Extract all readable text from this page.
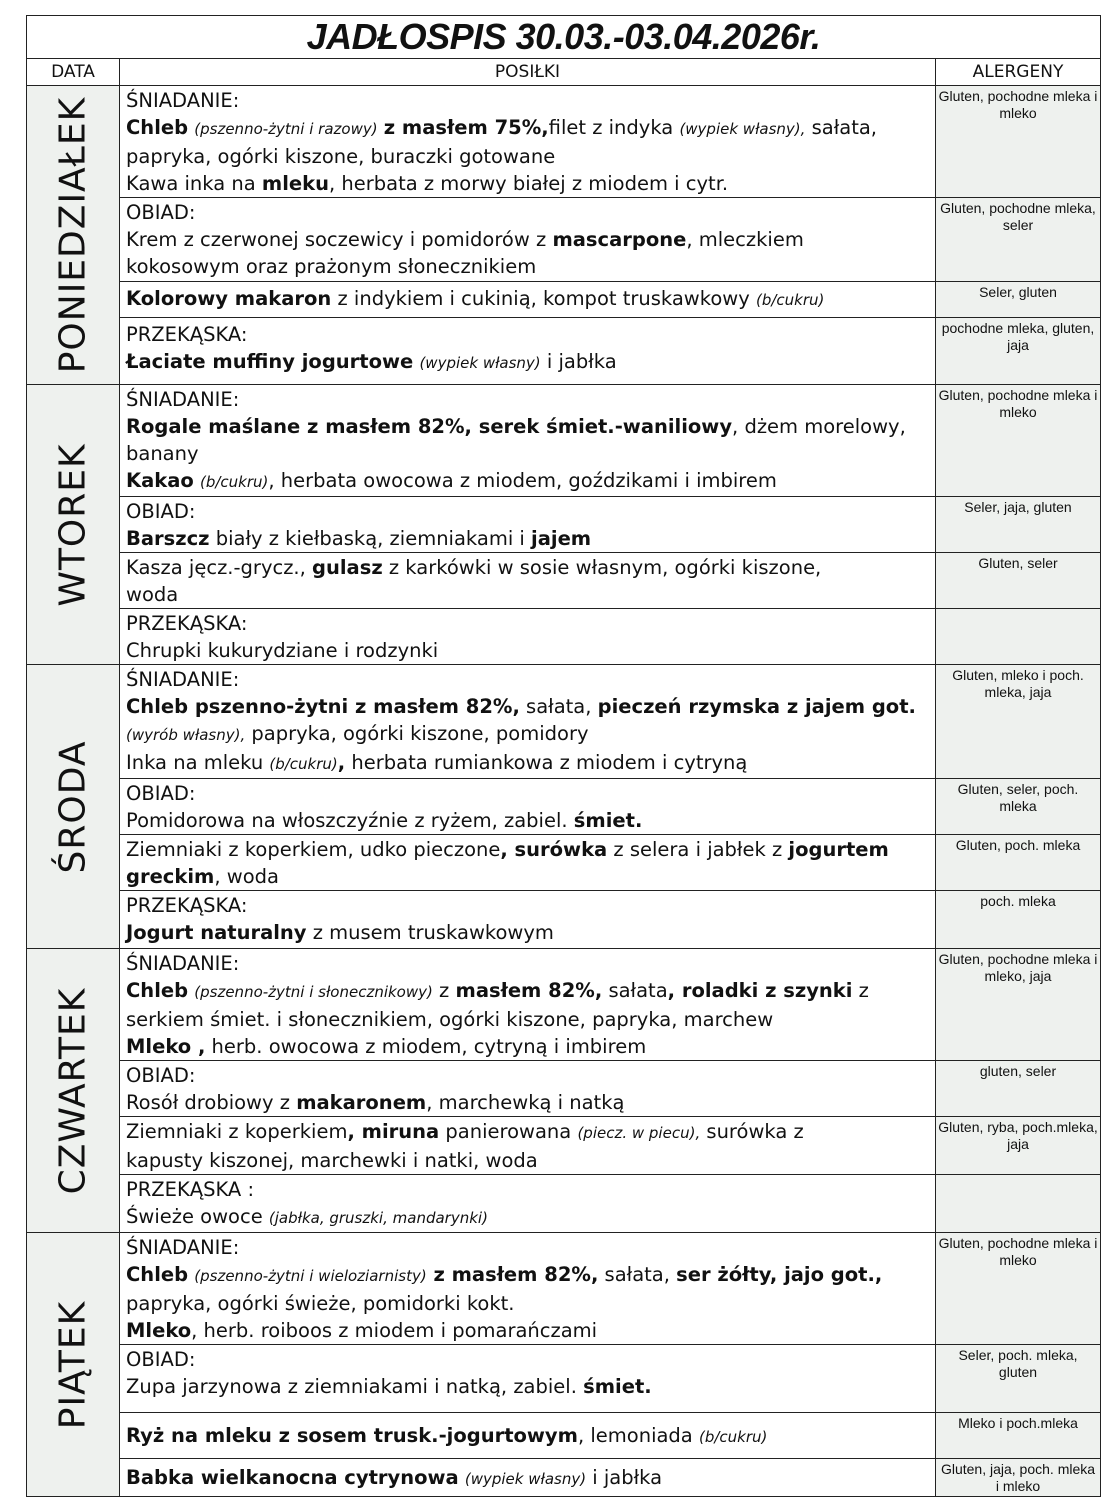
JADŁOSPIS 30.03.-03.04.2026r.		
DATA	POSIŁKI	ALERGENY

PONIEDZIAŁEK	ŚNIADANIE:
Chleb (pszenno-żytni i razowy) z masłem 75%,filet z indyka (wypiek własny), sałata,
papryka, ogórki kiszone, buraczki gotowane
Kawa inka na mleku, herbata z morwy białej z miodem i cytr.	Gluten, pochodne mleka i mleko

	OBIAD:
Krem z czerwonej soczewicy i pomidorów z mascarpone, mleczkiem
kokosowym oraz prażonym słonecznikiem	Gluten, pochodne mleka, seler

	Kolorowy makaron z indykiem i cukinią, kompot truskawkowy (b/cukru)	Seler, gluten

	PRZEKĄSKA:
Łaciate muffiny jogurtowe (wypiek własny) i jabłka	pochodne mleka, gluten, jaja

WTOREK	ŚNIADANIE:
Rogale maślane z masłem 82%, serek śmiet.-waniliowy, dżem morelowy,
banany
Kakao (b/cukru), herbata owocowa z miodem, goździkami i imbirem	Gluten, pochodne mleka i mleko

	OBIAD:
Barszcz biały z kiełbaską, ziemniakami i jajem	Seler, jaja, gluten

	Kasza jęcz.-grycz., gulasz z karkówki w sosie własnym, ogórki kiszone,
woda	Gluten, seler

	PRZEKĄSKA:
Chrupki kukurydziane i rodzynki	

ŚRODA	ŚNIADANIE:
Chleb pszenno-żytni z masłem 82%, sałata, pieczeń rzymska z jajem got.
(wyrób własny), papryka, ogórki kiszone, pomidory
Inka na mleku (b/cukru), herbata rumiankowa z miodem i cytryną	Gluten, mleko i poch. mleka, jaja

	OBIAD:
Pomidorowa na włoszczyźnie z ryżem, zabiel. śmiet.	Gluten, seler, poch. mleka

	Ziemniaki z koperkiem, udko pieczone, surówka z selera i jabłek z jogurtem
greckim, woda	Gluten, poch. mleka

	PRZEKĄSKA:
Jogurt naturalny z musem truskawkowym	poch. mleka

CZWARTEK	ŚNIADANIE:
Chleb (pszenno-żytni i słonecznikowy) z masłem 82%, sałata, roladki z szynki z
serkiem śmiet. i słonecznikiem, ogórki kiszone, papryka, marchew
Mleko , herb. owocowa z miodem, cytryną i imbirem	Gluten, pochodne mleka i mleko, jaja

	OBIAD:
Rosół drobiowy z makaronem, marchewką i natką	gluten, seler

	Ziemniaki z koperkiem, miruna panierowana (piecz. w piecu), surówka z
kapusty kiszonej, marchewki i natki, woda	Gluten, ryba, poch.mleka, jaja

	PRZEKĄSKA :
Świeże owoce (jabłka, gruszki, mandarynki)	

PIĄTEK	ŚNIADANIE:
Chleb (pszenno-żytni i wieloziarnisty) z masłem 82%, sałata, ser żółty, jajo got.,
papryka, ogórki świeże, pomidorki kokt.
Mleko, herb. roiboos z miodem i pomarańczami	Gluten, pochodne mleka i mleko

	OBIAD:
Zupa jarzynowa z ziemniakami i natką, zabiel. śmiet.	Seler, poch. mleka, gluten

	Ryż na mleku z sosem trusk.-jogurtowym, lemoniada (b/cukru)	Mleko i poch.mleka

	Babka wielkanocna cytrynowa (wypiek własny) i jabłka	Gluten, jaja, poch. mleka i mleko
